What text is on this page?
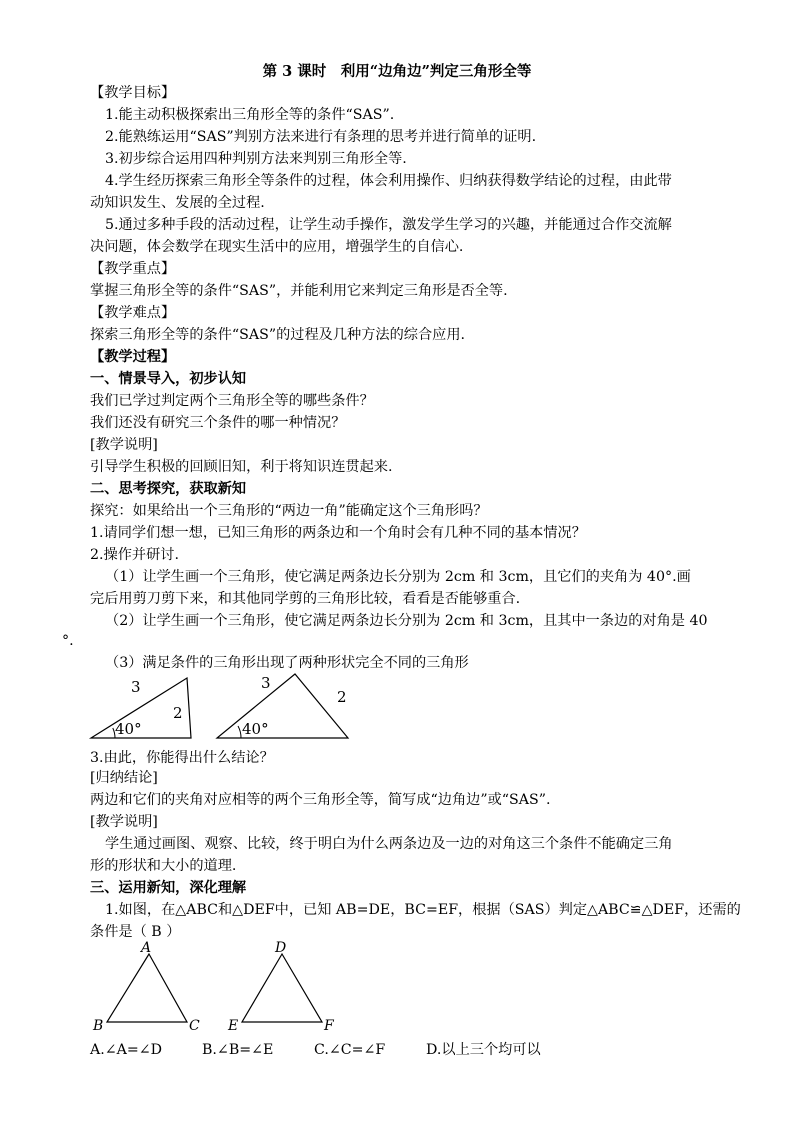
第 3 课时　利用“边角边”判定三角形全等
【教学目标】
1.能主动积极探索出三角形全等的条件“SAS”.
2.能熟练运用“SAS”判别方法来进行有条理的思考并进行简单的证明.
3.初步综合运用四种判别方法来判别三角形全等.
4.学生经历探索三角形全等条件的过程，体会利用操作、归纳获得数学结论的过程，由此带
动知识发生、发展的全过程.
5.通过多种手段的活动过程，让学生动手操作，激发学生学习的兴趣，并能通过合作交流解
决问题，体会数学在现实生活中的应用，增强学生的自信心.
【教学重点】
掌握三角形全等的条件“SAS”，并能利用它来判定三角形是否全等.
【教学难点】
探索三角形全等的条件“SAS”的过程及几种方法的综合应用.
【教学过程】
一、情景导入，初步认知
我们已学过判定两个三角形全等的哪些条件？
我们还没有研究三个条件的哪一种情况？
[教学说明]
引导学生积极的回顾旧知，利于将知识连贯起来.
二、思考探究，获取新知
探究：如果给出一个三角形的“两边一角”能确定这个三角形吗？
1.请同学们想一想，已知三角形的两条边和一个角时会有几种不同的基本情况？
2.操作并研讨.
（1）让学生画一个三角形，使它满足两条边长分别为 2cm 和 3cm，且它们的夹角为 40°.画
完后用剪刀剪下来，和其他同学剪的三角形比较，看看是否能够重合.
（2）让学生画一个三角形，使它满足两条边长分别为 2cm 和 3cm，且其中一条边的对角是 40
°.
（3）满足条件的三角形出现了两种形状完全不同的三角形
3
2
40°
3
2
40°
3.由此，你能得出什么结论？
[归纳结论]
两边和它们的夹角对应相等的两个三角形全等，简写成“边角边”或“SAS”.
[教学说明]
学生通过画图、观察、比较，终于明白为什么两条边及一边的对角这三个条件不能确定三角
形的形状和大小的道理.
三、运用新知，深化理解
1.如图，在△ABC和△DEF中，已知 AB=DE，BC=EF，根据（SAS）判定△ABC≌△DEF，还需的
条件是（ B ）
A
B	C
D
E	F
A.∠A=∠D	B.∠B=∠E	C.∠C=∠F	D.以上三个均可以
